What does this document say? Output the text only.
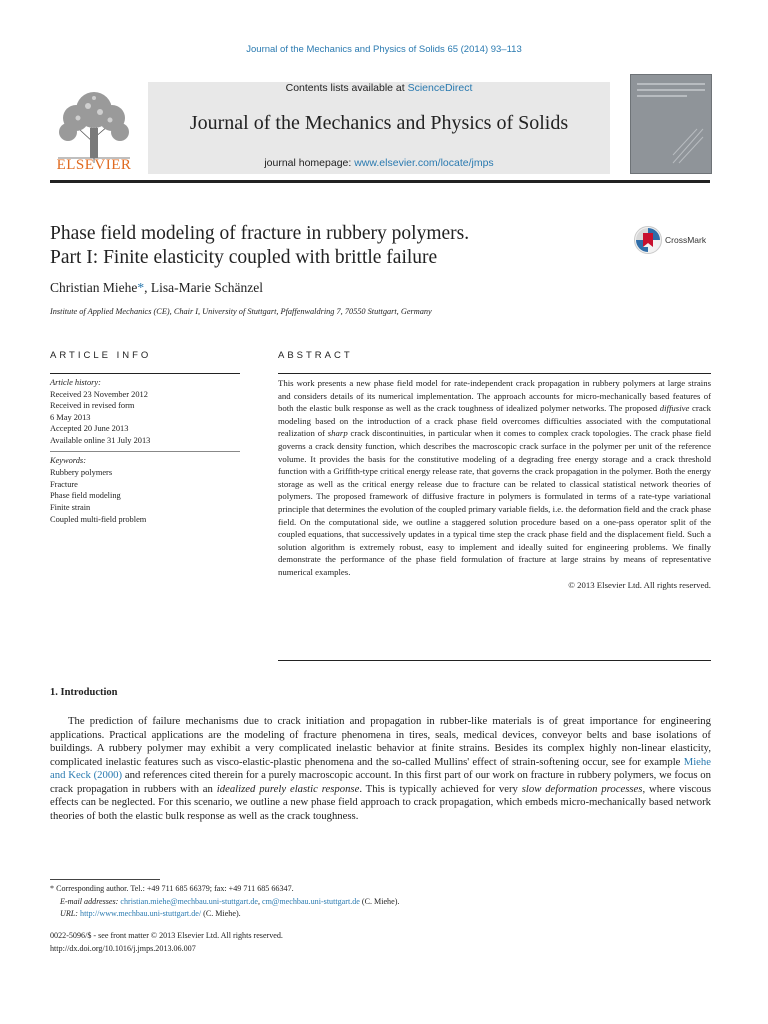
Journal of the Mechanics and Physics of Solids 65 (2014) 93–113
ELSEVIER
Contents lists available at ScienceDirect
Journal of the Mechanics and Physics of Solids
journal homepage: www.elsevier.com/locate/jmps
Phase field modeling of fracture in rubbery polymers.
Part I: Finite elasticity coupled with brittle failure
CrossMark
Christian Miehe*, Lisa-Marie Schänzel
Institute of Applied Mechanics (CE), Chair I, University of Stuttgart, Pfaffenwaldring 7, 70550 Stuttgart, Germany
ARTICLE INFO	ABSTRACT
Article history:
Received 23 November 2012
Received in revised form
6 May 2013
Accepted 20 June 2013
Available online 31 July 2013
Keywords:
Rubbery polymers
Fracture
Phase field modeling
Finite strain
Coupled multi-field problem
This work presents a new phase field model for rate-independent crack propagation in rubbery polymers at large strains and considers details of its numerical implementation. The approach accounts for micro-mechanically based features of both the elastic bulk response as well as the crack toughness of idealized polymer networks. The proposed diffusive crack modeling based on the introduction of a crack phase field overcomes difficulties associated with the computational realization of sharp crack discontinuities, in particular when it comes to complex crack topologies. The crack phase field governs a crack density function, which describes the macroscopic crack surface in the polymer per unit of the reference volume. It provides the basis for the constitutive modeling of a degrading free energy storage and a crack threshold function with a Griffith-type critical energy release rate, that governs the crack propagation in the polymer. Both the energy storage as well as the critical energy release due to fracture can be related to classical statistical network theories of polymers. The proposed framework of diffusive fracture in polymers is formulated in terms of a rate-type variational principle that determines the evolution of the coupled primary variable fields, i.e. the deformation field and the crack phase field. On the computational side, we outline a staggered solution procedure based on a one-pass operator split of the coupled equations, that successively updates in a typical time step the crack phase field and the displacement field. Such a solution algorithm is extremely robust, easy to implement and ideally suited for engineering problems. We finally demonstrate the performance of the phase field formulation of fracture at large strains by means of representative numerical examples.
© 2013 Elsevier Ltd. All rights reserved.
1. Introduction
The prediction of failure mechanisms due to crack initiation and propagation in rubber-like materials is of great importance for engineering applications. Practical applications are the modeling of fracture phenomena in tires, seals, medical devices, conveyor belts and base isolations of buildings. A rubbery polymer may exhibit a very complicated inelastic behavior at finite strains. Besides its complex highly non-linear elasticity, complicated inelastic features such as visco-elastic-plastic phenomena and the so-called Mullins' effect of strain-softening occur, see for example Miehe and Keck (2000) and references cited therein for a purely macroscopic account. In this first part of our work on fracture in rubbery polymers, we focus on crack propagation in rubbers with an idealized purely elastic response. This is typically achieved for very slow deformation processes, where viscous effects can be neglected. For this scenario, we outline a new phase field approach to crack propagation, which embeds micro-mechanically based network theories of both the elastic bulk response as well as the crack toughness.
* Corresponding author. Tel.: +49 711 685 66379; fax: +49 711 685 66347.
E-mail addresses: christian.miehe@mechbau.uni-stuttgart.de, cm@mechbau.uni-stuttgart.de (C. Miehe).
URL: http://www.mechbau.uni-stuttgart.de/ (C. Miehe).
0022-5096/$ - see front matter © 2013 Elsevier Ltd. All rights reserved.
http://dx.doi.org/10.1016/j.jmps.2013.06.007
